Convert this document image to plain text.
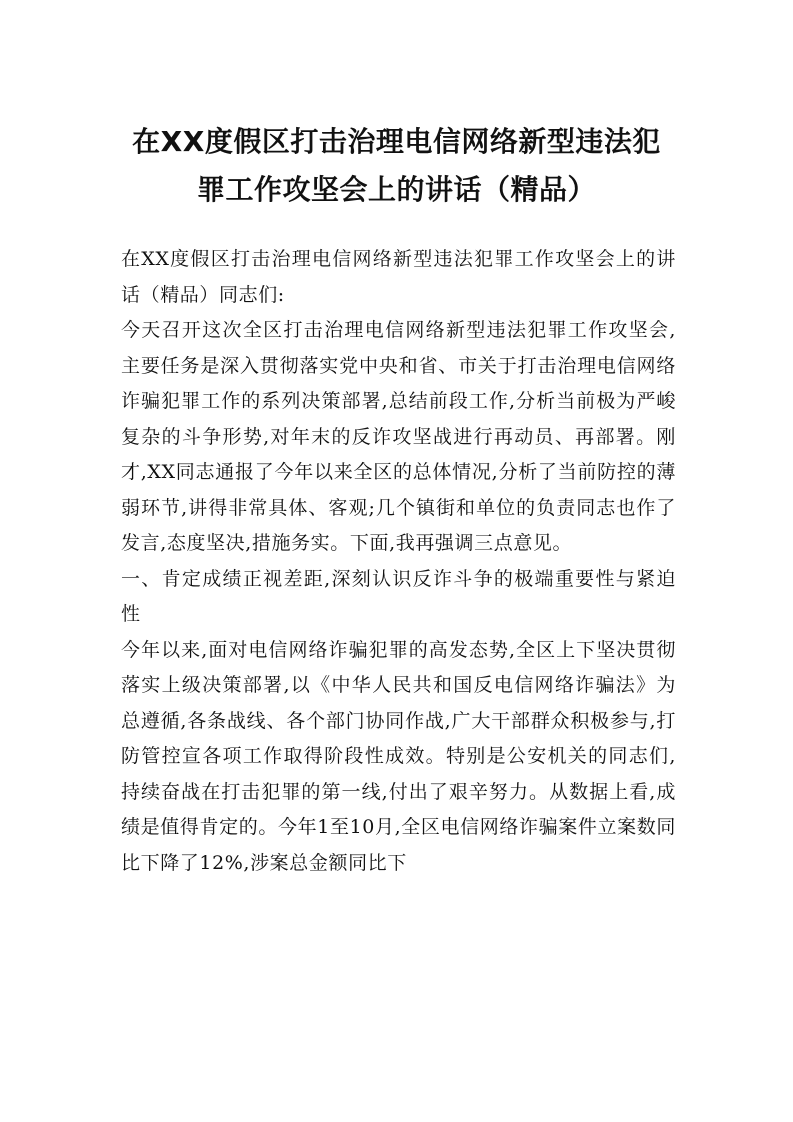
在XX度假区打击治理电信网络新型违法犯
罪工作攻坚会上的讲话（精品）

在XX度假区打击治理电信网络新型违法犯罪工作攻坚会上的讲话（精品）同志们:

今天召开这次全区打击治理电信网络新型违法犯罪工作攻坚会,主要任务是深入贯彻落实党中央和省、市关于打击治理电信网络诈骗犯罪工作的系列决策部署,总结前段工作,分析当前极为严峻复杂的斗争形势,对年末的反诈攻坚战进行再动员、再部署。刚才,XX同志通报了今年以来全区的总体情况,分析了当前防控的薄弱环节,讲得非常具体、客观;几个镇街和单位的负责同志也作了发言,态度坚决,措施务实。下面,我再强调三点意见。

一、肯定成绩正视差距,深刻认识反诈斗争的极端重要性与紧迫性

今年以来,面对电信网络诈骗犯罪的高发态势,全区上下坚决贯彻落实上级决策部署,以《中华人民共和国反电信网络诈骗法》为总遵循,各条战线、各个部门协同作战,广大干部群众积极参与,打防管控宣各项工作取得阶段性成效。特别是公安机关的同志们,持续奋战在打击犯罪的第一线,付出了艰辛努力。从数据上看,成绩是值得肯定的。今年1至10月,全区电信网络诈骗案件立案数同比下降了12%,涉案总金额同比下
